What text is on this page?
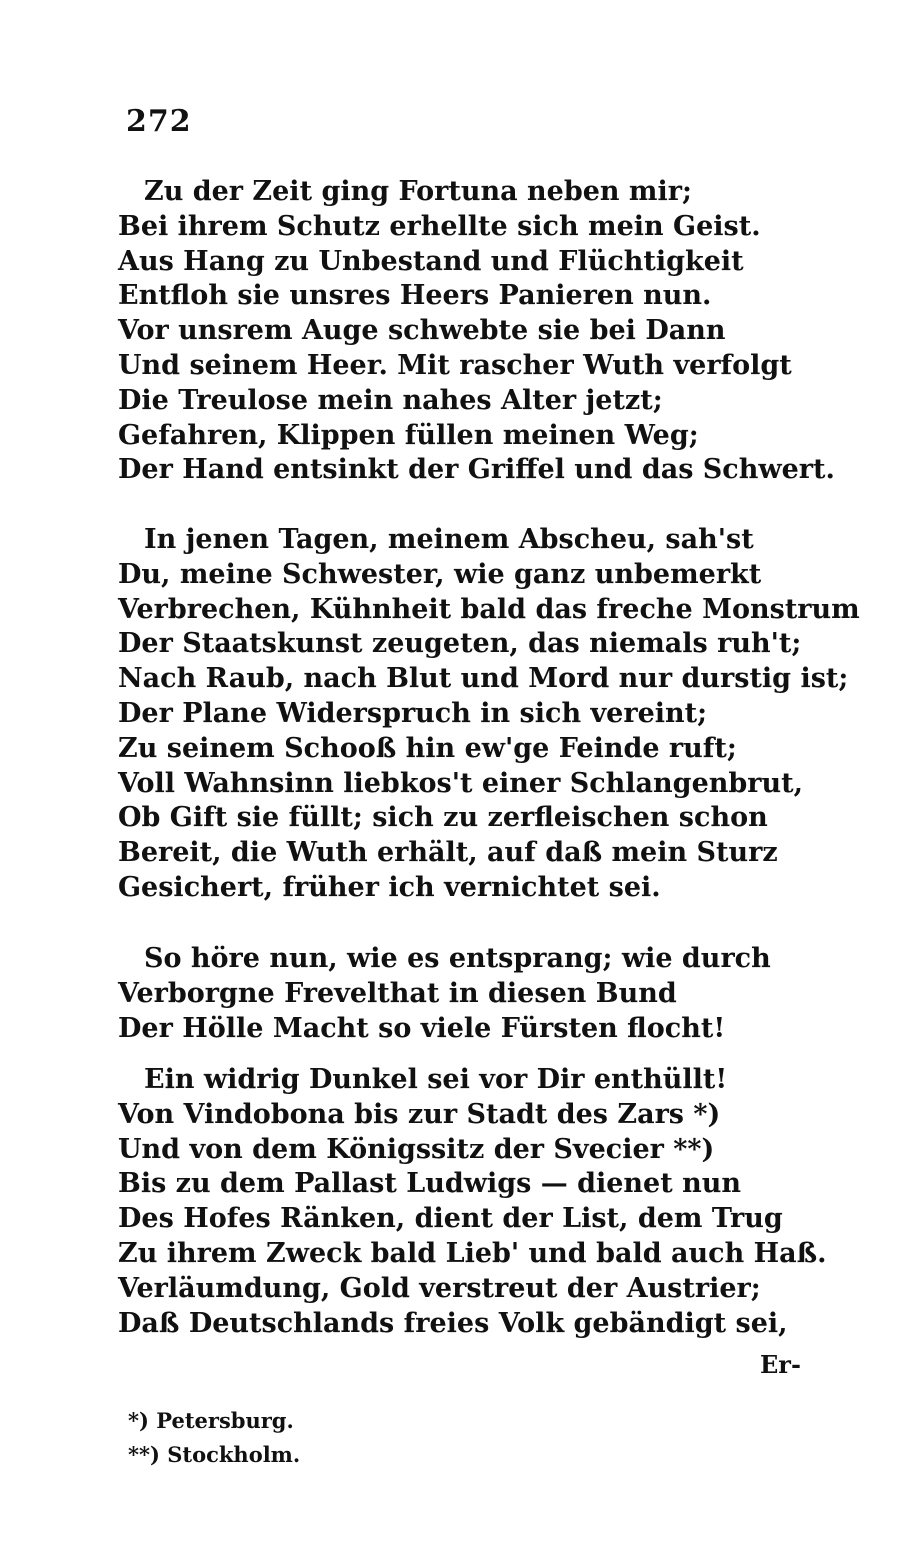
272
Zu der Zeit ging Fortuna neben mir;
Bei ihrem Schutz erhellte sich mein Geist.
Aus Hang zu Unbestand und Flüchtigkeit
Entfloh sie unsres Heers Panieren nun.
Vor unsrem Auge schwebte sie bei Dann
Und seinem Heer. Mit rascher Wuth verfolgt
Die Treulose mein nahes Alter jetzt;
Gefahren, Klippen füllen meinen Weg;
Der Hand entsinkt der Griffel und das Schwert.
In jenen Tagen, meinem Abscheu, sah'st
Du, meine Schwester, wie ganz unbemerkt
Verbrechen, Kühnheit bald das freche Monstrum
Der Staatskunst zeugeten, das niemals ruh't;
Nach Raub, nach Blut und Mord nur durstig ist;
Der Plane Widerspruch in sich vereint;
Zu seinem Schooß hin ew'ge Feinde ruft;
Voll Wahnsinn liebkos't einer Schlangenbrut,
Ob Gift sie füllt; sich zu zerfleischen schon
Bereit, die Wuth erhält, auf daß mein Sturz
Gesichert, früher ich vernichtet sei.
So höre nun, wie es entsprang; wie durch
Verborgne Frevelthat in diesen Bund
Der Hölle Macht so viele Fürsten flocht!
Ein widrig Dunkel sei vor Dir enthüllt!
Von Vindobona bis zur Stadt des Zars *)
Und von dem Königssitz der Svecier **)
Bis zu dem Pallast Ludwigs — dienet nun
Des Hofes Ränken, dient der List, dem Trug
Zu ihrem Zweck bald Lieb' und bald auch Haß.
Verläumdung, Gold verstreut der Austrier;
Daß Deutschlands freies Volk gebändigt sei,
Er-
*) Petersburg.
**) Stockholm.
